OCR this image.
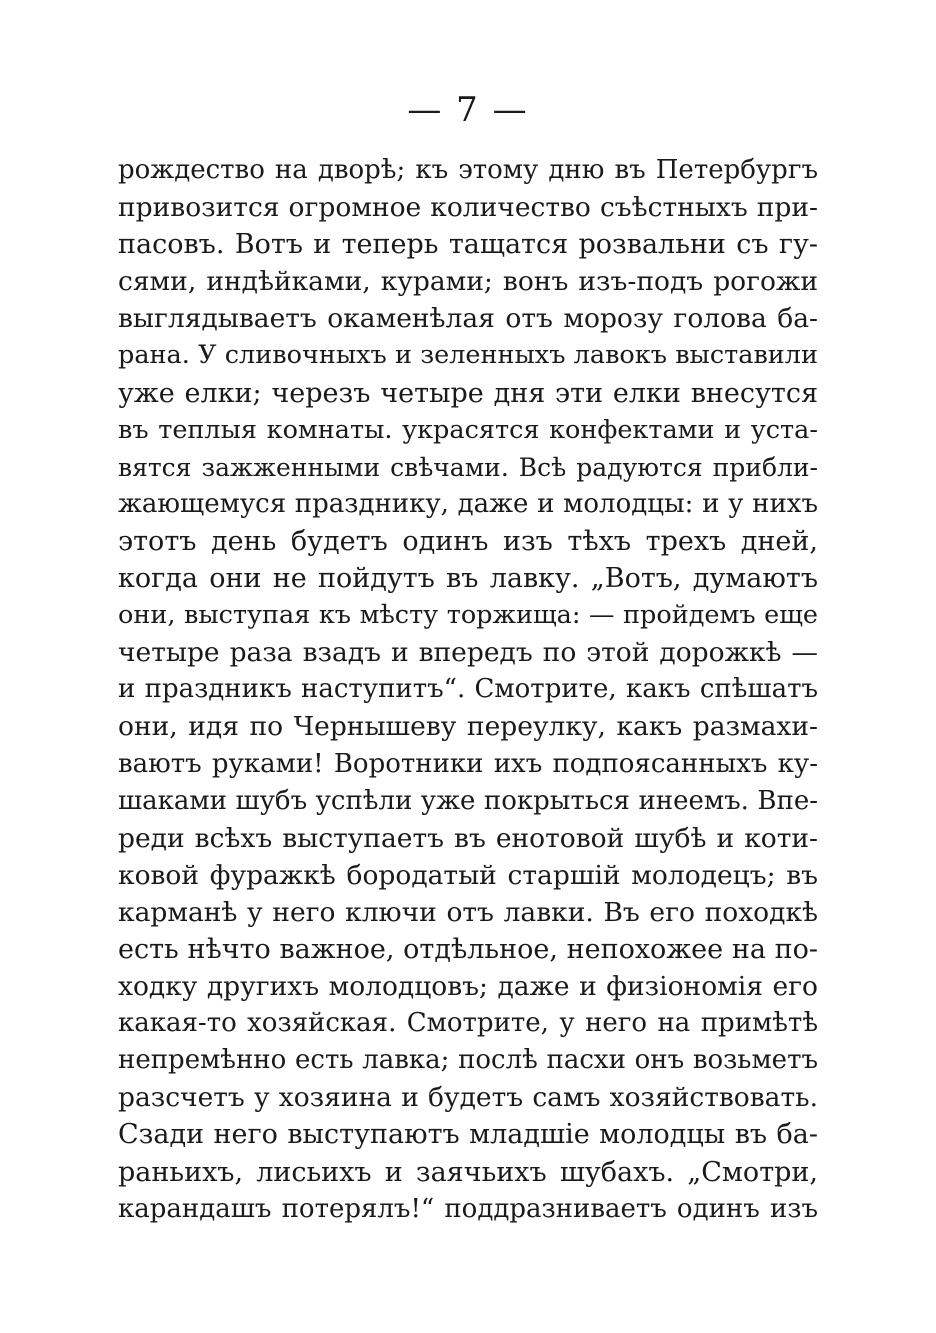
— 7 —
рождество на дворѣ; къ этому дню въ Петербургъ
привозится огромное количество съѣстныхъ при-
пасовъ. Вотъ и теперь тащатся розвальни съ гу-
сями, индѣйками, курами; вонъ изъ-подъ рогожи
выглядываетъ окаменѣлая отъ морозу голова ба-
рана. У сливочныхъ и зеленныхъ лавокъ выставили
уже елки; черезъ четыре дня эти елки внесутся
въ теплыя комнаты. украсятся конфектами и уста-
вятся зажженными свѣчами. Всѣ радуются прибли-
жающемуся празднику, даже и молодцы: и у нихъ
этотъ день будетъ одинъ изъ тѣхъ трехъ дней,
когда они не пойдутъ въ лавку. „Вотъ, думаютъ
они, выступая къ мѣсту торжища: — пройдемъ еще
четыре раза взадъ и впередъ по этой дорожкѣ —
и праздникъ наступитъ“. Смотрите, какъ спѣшатъ
они, идя по Чернышеву переулку, какъ размахи-
ваютъ руками! Воротники ихъ подпоясанныхъ ку-
шаками шубъ успѣли уже покрыться инеемъ. Впе-
реди всѣхъ выступаетъ въ енотовой шубѣ и коти-
ковой фуражкѣ бородатый старшій молодецъ; въ
карманѣ у него ключи отъ лавки. Въ его походкѣ
есть нѣчто важное, отдѣльное, непохожее на по-
ходку другихъ молодцовъ; даже и физіономія его
какая-то хозяйская. Смотрите, у него на примѣтѣ
непремѣнно есть лавка; послѣ пасхи онъ возьметъ
разсчетъ у хозяина и будетъ самъ хозяйствовать.
Сзади него выступаютъ младшіе молодцы въ ба-
раньихъ, лисьихъ и заячьихъ шубахъ. „Смотри,
карандашъ потерялъ!“ поддразниваетъ одинъ изъ
